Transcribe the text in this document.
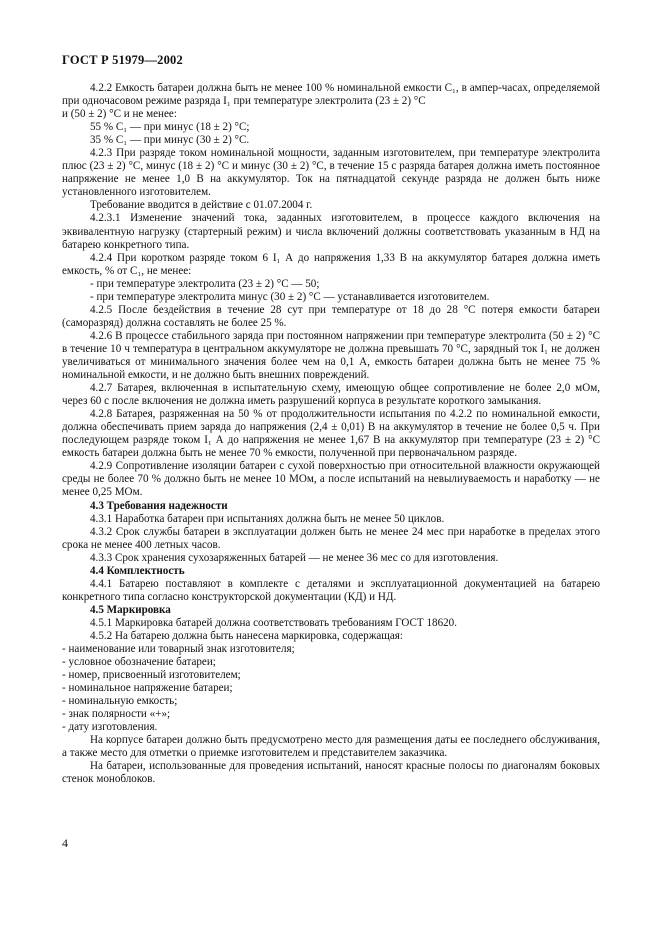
ГОСТ Р 51979—2002

4.2.2 Емкость батареи должна быть не менее 100 % номинальной емкости C₁, в ампер-часах, определяемой при одночасовом режиме разряда I₁ при температуре электролита (23 ± 2) °С

и (50 ± 2) °С и не менее:

55 % C₁ — при минус (18 ± 2) °С;

35 % C₁ — при минус (30 ± 2) °С.

4.2.3 При разряде током номинальной мощности, заданным изготовителем, при температуре электролита плюс (23 ± 2) °С, минус (18 ± 2) °С и минус (30 ± 2) °С, в течение 15 с разряда батарея должна иметь постоянное напряжение не менее 1,0 В на аккумулятор. Ток на пятнадцатой секунде разряда не должен быть ниже установленного изготовителем.

Требование вводится в действие с 01.07.2004 г.

4.2.3.1 Изменение значений тока, заданных изготовителем, в процессе каждого включения на эквивалентную нагрузку (стартерный режим) и числа включений должны соответствовать указанным в НД на батарею конкретного типа.

4.2.4 При коротком разряде током 6 I₁ А до напряжения 1,33 В на аккумулятор батарея должна иметь емкость, % от C₁, не менее:

- при температуре электролита (23 ± 2) °С — 50;

- при температуре электролита минус (30 ± 2) °С — устанавливается изготовителем.

4.2.5 После бездействия в течение 28 сут при температуре от 18 до 28 °С потеря емкости батареи (саморазряд) должна составлять не более 25 %.

4.2.6 В процессе стабильного заряда при постоянном напряжении при температуре электролита (50 ± 2) °С в течение 10 ч температура в центральном аккумуляторе не должна превышать 70 °С, зарядный ток I₁ не должен увеличиваться от минимального значения более чем на 0,1 А, емкость батареи должна быть не менее 75 % номинальной емкости, и не должно быть внешних повреждений.

4.2.7 Батарея, включенная в испытательную схему, имеющую общее сопротивление не более 2,0 мОм, через 60 с после включения не должна иметь разрушений корпуса в результате короткого замыкания.

4.2.8 Батарея, разряженная на 50 % от продолжительности испытания по 4.2.2 по номинальной емкости, должна обеспечивать прием заряда до напряжения (2,4 ± 0,01) В на аккумулятор в течение не более 0,5 ч. При последующем разряде током I₁ А до напряжения не менее 1,67 В на аккумулятор при температуре (23 ± 2) °С емкость батареи должна быть не менее 70 % емкости, полученной при первоначальном разряде.

4.2.9 Сопротивление изоляции батареи с сухой поверхностью при относительной влажности окружающей среды не более 70 % должно быть не менее 10 МОм, а после испытаний на невылиуваемость и наработку — не менее 0,25 МОм.

4.3 Требования надежности

4.3.1 Наработка батареи при испытаниях должна быть не менее 50 циклов.

4.3.2 Срок службы батареи в эксплуатации должен быть не менее 24 мес при наработке в пределах этого срока не менее 400 летных часов.

4.3.3 Срок хранения сухозаряженных батарей — не менее 36 мес со для изготовления.

4.4 Комплектность

4.4.1 Батарею поставляют в комплекте с деталями и эксплуатационной документацией на батарею конкретного типа согласно конструкторской документации (КД) и НД.

4.5 Маркировка

4.5.1 Маркировка батарей должна соответствовать требованиям ГОСТ 18620.

4.5.2 На батарею должна быть нанесена маркировка, содержащая:

- наименование или товарный знак изготовителя;

- условное обозначение батареи;

- номер, присвоенный изготовителем;

- номинальное напряжение батареи;

- номинальную емкость;

- знак полярности «+»;

- дату изготовления.

На корпусе батареи должно быть предусмотрено место для размещения даты ее последнего обслуживания, а также место для отметки о приемке изготовителем и представителем заказчика.

На батареи, использованные для проведения испытаний, наносят красные полосы по диагоналям боковых стенок моноблоков.

4
